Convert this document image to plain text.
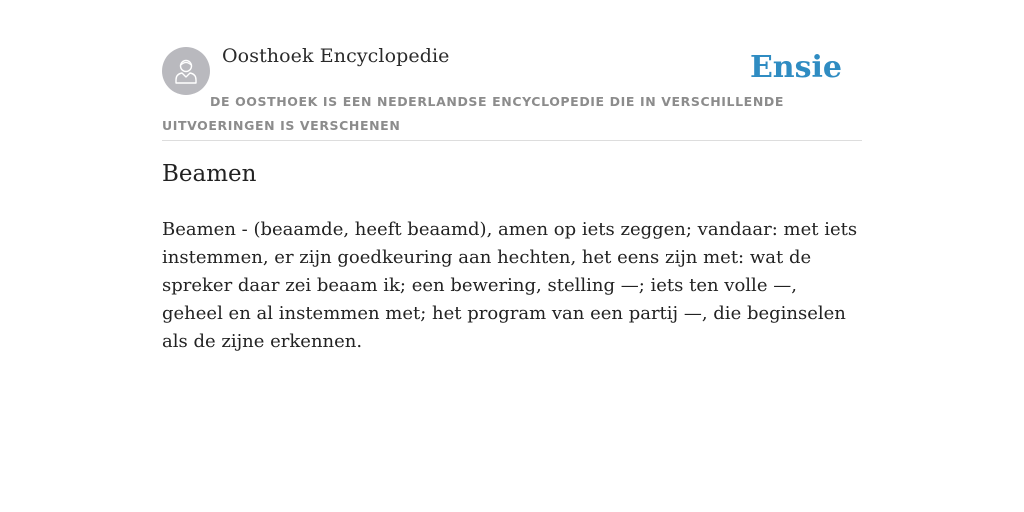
Oosthoek Encyclopedie	Ensie
DE OOSTHOEK IS EEN NEDERLANDSE ENCYCLOPEDIE DIE IN VERSCHILLENDE UITVOERINGEN IS VERSCHENEN
Beamen

Beamen - (beaamde, heeft beaamd), amen op iets zeggen; vandaar: met iets instemmen, er zijn goedkeuring aan hechten, het eens zijn met: wat de spreker daar zei beaam ik; een bewering, stelling —; iets ten volle —, geheel en al instemmen met; het program van een partij —, die beginselen als de zijne erkennen.
